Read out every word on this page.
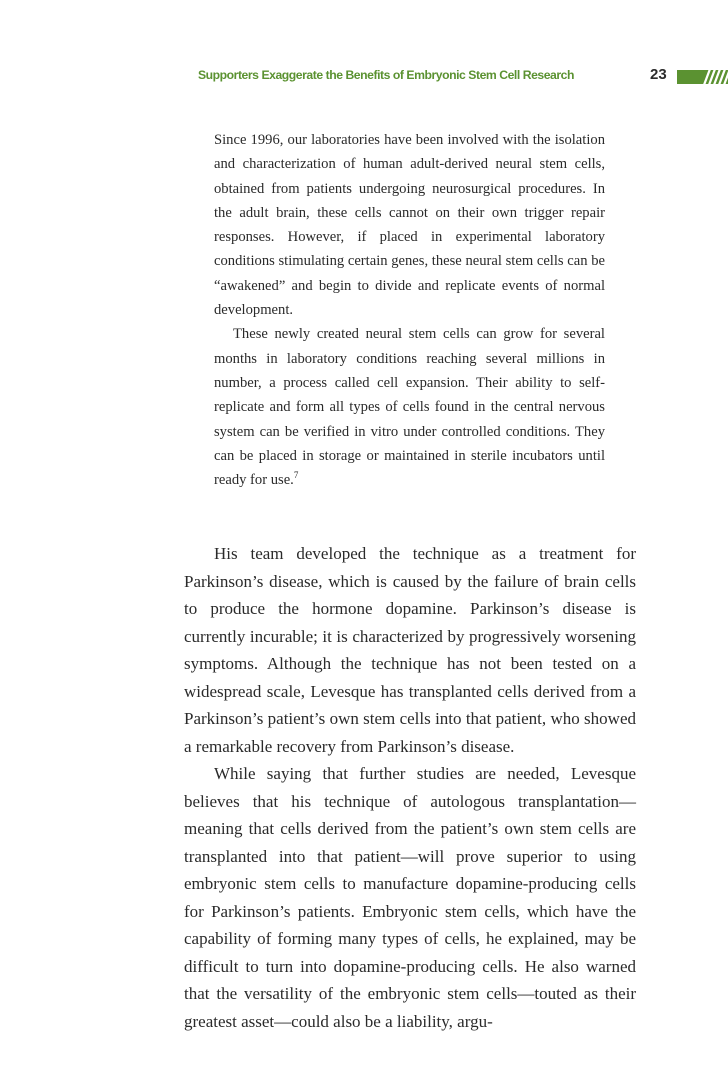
Supporters Exaggerate the Benefits of Embryonic Stem Cell Research	23

Since 1996, our laboratories have been involved with the isolation and characterization of human adult-derived neural stem cells, obtained from patients undergoing neurosurgical procedures. In the adult brain, these cells cannot on their own trigger repair responses. However, if placed in experimental laboratory conditions stimulating certain genes, these neural stem cells can be “awakened” and begin to divide and replicate events of normal development.

These newly created neural stem cells can grow for several months in laboratory conditions reaching several millions in number, a process called cell expansion. Their ability to self-replicate and form all types of cells found in the central nervous system can be verified in vitro under controlled conditions. They can be placed in storage or maintained in sterile incubators until ready for use.$^7$

His team developed the technique as a treatment for Parkinson’s disease, which is caused by the failure of brain cells to produce the hormone dopamine. Parkinson’s disease is currently incurable; it is characterized by progressively worsening symptoms. Although the technique has not been tested on a widespread scale, Levesque has transplanted cells derived from a Parkinson’s patient’s own stem cells into that patient, who showed a remarkable recovery from Parkinson’s disease.

While saying that further studies are needed, Levesque believes that his technique of autologous transplantation—meaning that cells derived from the patient’s own stem cells are transplanted into that patient—will prove superior to using embryonic stem cells to manufacture dopamine-producing cells for Parkinson’s patients. Embryonic stem cells, which have the capability of forming many types of cells, he explained, may be difficult to turn into dopamine-producing cells. He also warned that the versatility of the embryonic stem cells—touted as their greatest asset—could also be a liability, argu-
